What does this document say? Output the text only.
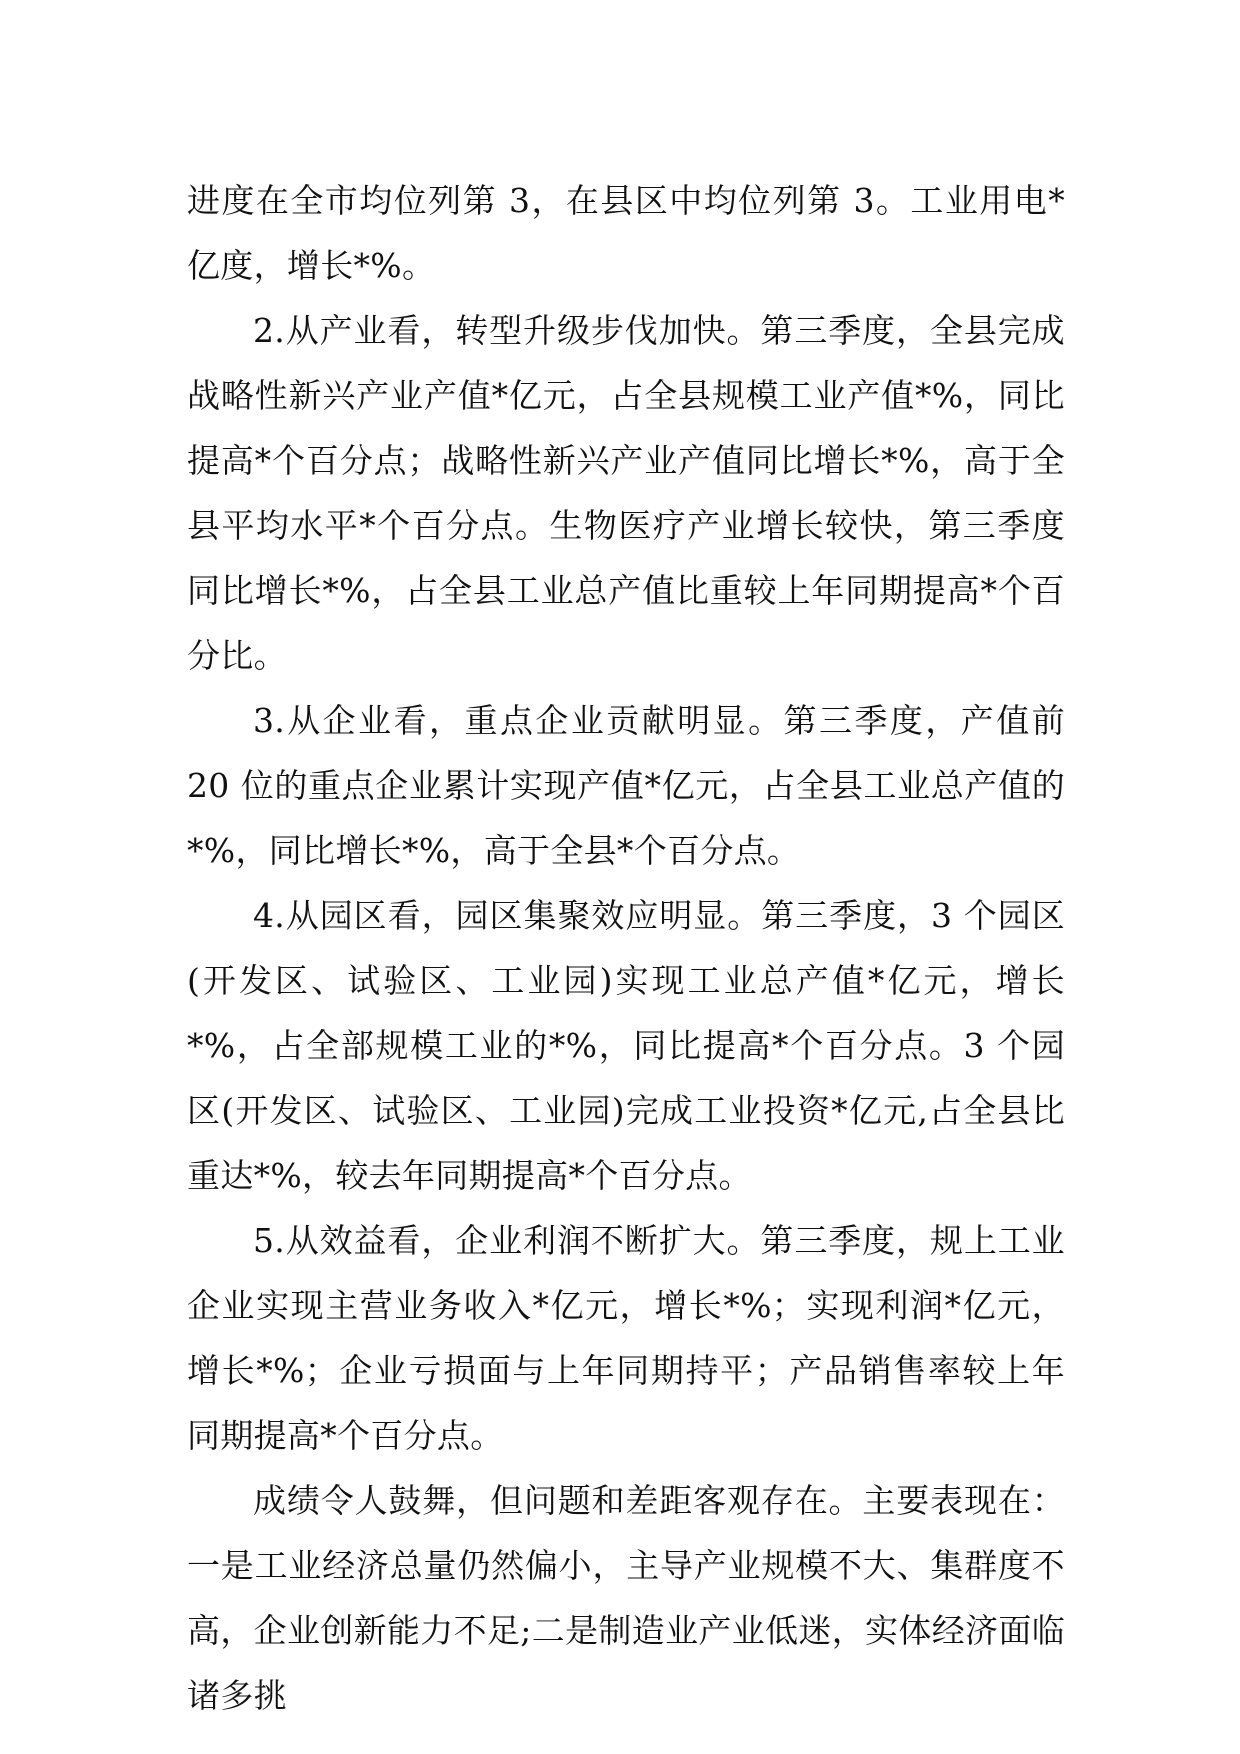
进度在全市均位列第 3，在县区中均位列第 3。工业用电*亿度，增长*%。

2.从产业看，转型升级步伐加快。第三季度，全县完成战略性新兴产业产值*亿元，占全县规模工业产值*%，同比提高*个百分点；战略性新兴产业产值同比增长*%，高于全县平均水平*个百分点。生物医疗产业增长较快，第三季度同比增长*%，占全县工业总产值比重较上年同期提高*个百分比。

3.从企业看，重点企业贡献明显。第三季度，产值前 20 位的重点企业累计实现产值*亿元，占全县工业总产值的*%，同比增长*%，高于全县*个百分点。

4.从园区看，园区集聚效应明显。第三季度，3 个园区(开发区、试验区、工业园)实现工业总产值*亿元，增长*%，占全部规模工业的*%，同比提高*个百分点。3 个园区(开发区、试验区、工业园)完成工业投资*亿元,占全县比重达*%，较去年同期提高*个百分点。

5.从效益看，企业利润不断扩大。第三季度，规上工业企业实现主营业务收入*亿元，增长*%；实现利润*亿元，增长*%；企业亏损面与上年同期持平；产品销售率较上年同期提高*个百分点。

成绩令人鼓舞，但问题和差距客观存在。主要表现在：一是工业经济总量仍然偏小，主导产业规模不大、集群度不高，企业创新能力不足;二是制造业产业低迷，实体经济面临诸多挑
